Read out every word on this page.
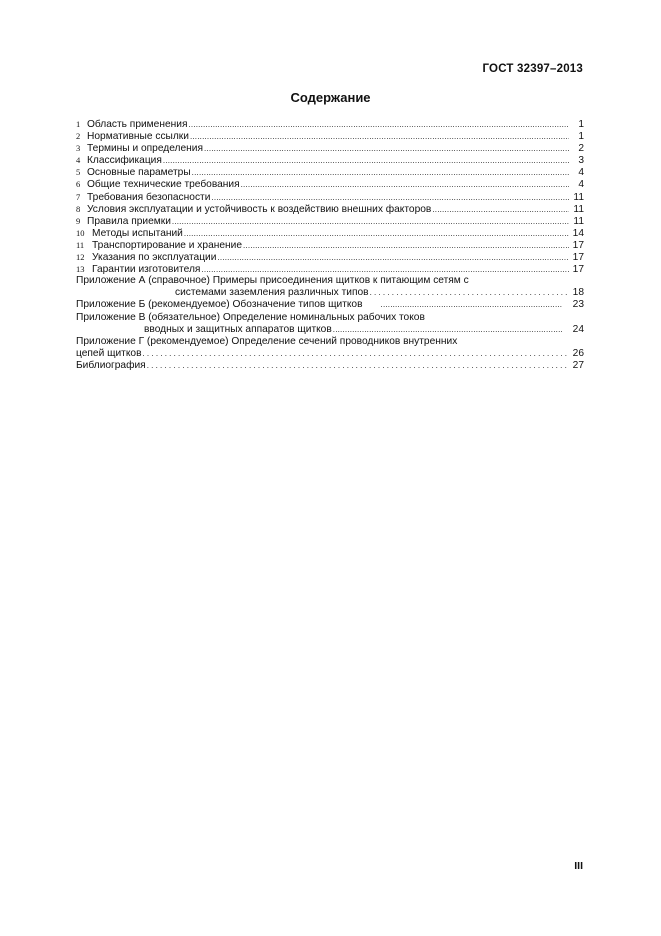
ГОСТ 32397–2013
Содержание
1 Область применения .....	1
2 Нормативные ссылки .....	1
3 Термины и определения .....	2
4 Классификация .....	3
5 Основные параметры .....	4
6 Общие технические требования .....	4
7 Требования безопасности .....	11
8 Условия эксплуатации и устойчивость к воздействию внешних факторов .....	11
9 Правила приемки .....	11
10 Методы испытаний .....	14
11 Транспортирование и хранение .....	17
12 Указания по эксплуатации .....	17
13 Гарантии изготовителя .....	17
Приложение А (справочное) Примеры присоединения щитков к питающим сетям с
системами заземления различных типов . . .	18
Приложение Б (рекомендуемое) Обозначение типов щитков .....	23
Приложение В (обязательное) Определение номинальных рабочих токов
вводных и защитных аппаратов щитков .....	24
Приложение Г (рекомендуемое) Определение сечений проводников внутренних
цепей щитков . . .	26
Библиография . . .	27
III
